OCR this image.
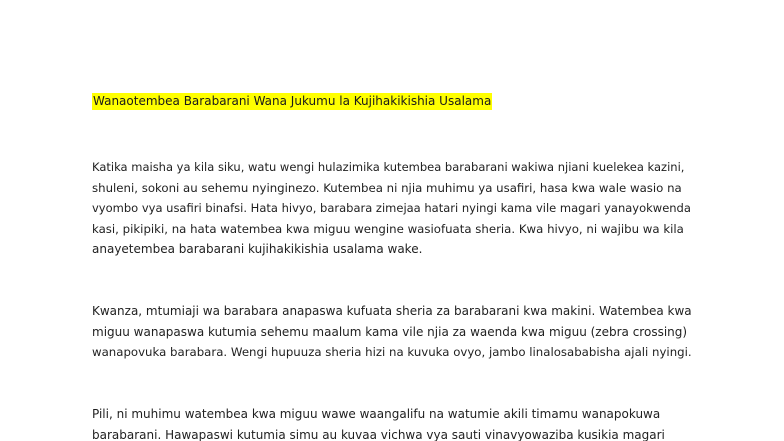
Wanaotembea Barabarani Wana Jukumu la Kujihakikishia Usalama
Katika maisha ya kila siku, watu wengi hulazimika kutembea barabarani wakiwa njiani kuelekea kazini,
shuleni, sokoni au sehemu nyinginezo. Kutembea ni njia muhimu ya usafiri, hasa kwa wale wasio na
vyombo vya usafiri binafsi. Hata hivyo, barabara zimejaa hatari nyingi kama vile magari yanayokwenda
kasi, pikipiki, na hata watembea kwa miguu wengine wasiofuata sheria. Kwa hivyo, ni wajibu wa kila
anayetembea barabarani kujihakikishia usalama wake.
Kwanza, mtumiaji wa barabara anapaswa kufuata sheria za barabarani kwa makini. Watembea kwa
miguu wanapaswa kutumia sehemu maalum kama vile njia za waenda kwa miguu (zebra crossing)
wanapovuka barabara. Wengi hupuuza sheria hizi na kuvuka ovyo, jambo linalosababisha ajali nyingi.
Pili, ni muhimu watembea kwa miguu wawe waangalifu na watumie akili timamu wanapokuwa
barabarani. Hawapaswi kutumia simu au kuvaa vichwa vya sauti vinavyowaziba kusikia magari
